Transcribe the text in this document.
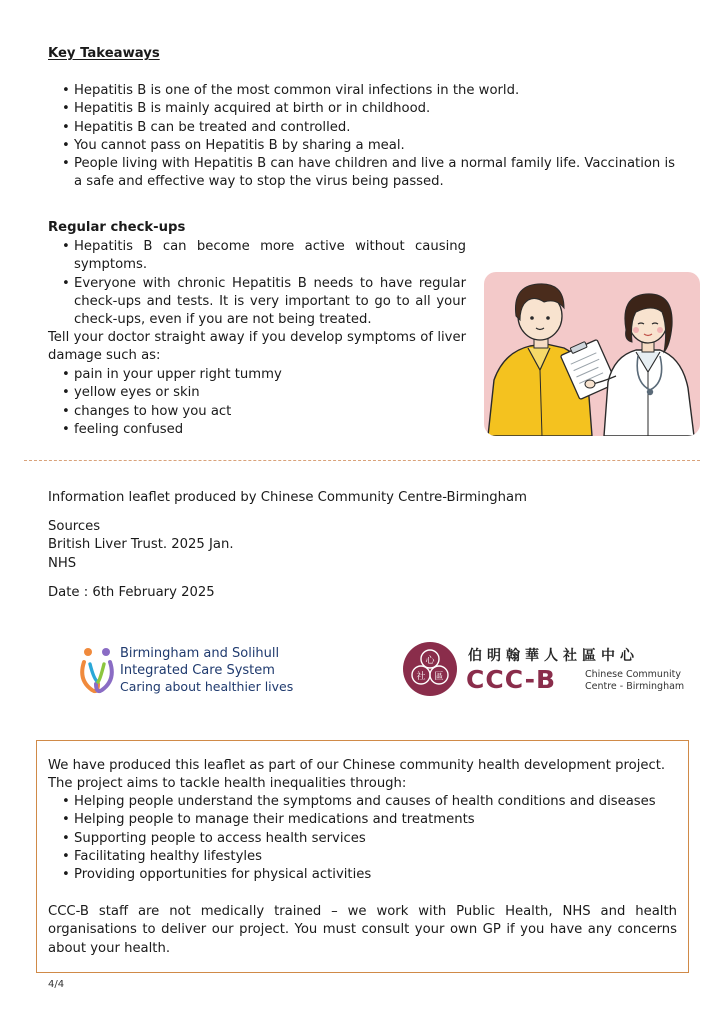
Key Takeaways
• Hepatitis B is one of the most common viral infections in the world.
• Hepatitis B is mainly acquired at birth or in childhood.
• Hepatitis B can be treated and controlled.
• You cannot pass on Hepatitis B by sharing a meal.
• People living with Hepatitis B can have children and live a normal family life. Vaccination is a safe and effective way to stop the virus being passed.
Regular check-ups
• Hepatitis B can become more active without causing symptoms.
• Everyone with chronic Hepatitis B needs to have regular check-ups and tests. It is very important to go to all your check-ups, even if you are not being treated.
Tell your doctor straight away if you develop symptoms of liver damage such as:
• pain in your upper right tummy
• yellow eyes or skin
• changes to how you act
• feeling confused
Information leaflet produced by Chinese Community Centre-Birmingham
Sources
British Liver Trust. 2025 Jan.
NHS
Date : 6th February 2025
Birmingham and Solihull
Integrated Care System
Caring about healthier lives
心
社 區
伯明翰華人社區中心
CCC-B	Chinese Community
Centre - Birmingham
We have produced this leaflet as part of our Chinese community health development project. The project aims to tackle health inequalities through:
• Helping people understand the symptoms and causes of health conditions and diseases
• Helping people to manage their medications and treatments
• Supporting people to access health services
• Facilitating healthy lifestyles
• Providing opportunities for physical activities
CCC-B staff are not medically trained – we work with Public Health, NHS and health organisations to deliver our project. You must consult your own GP if you have any concerns about your health.
4/4
